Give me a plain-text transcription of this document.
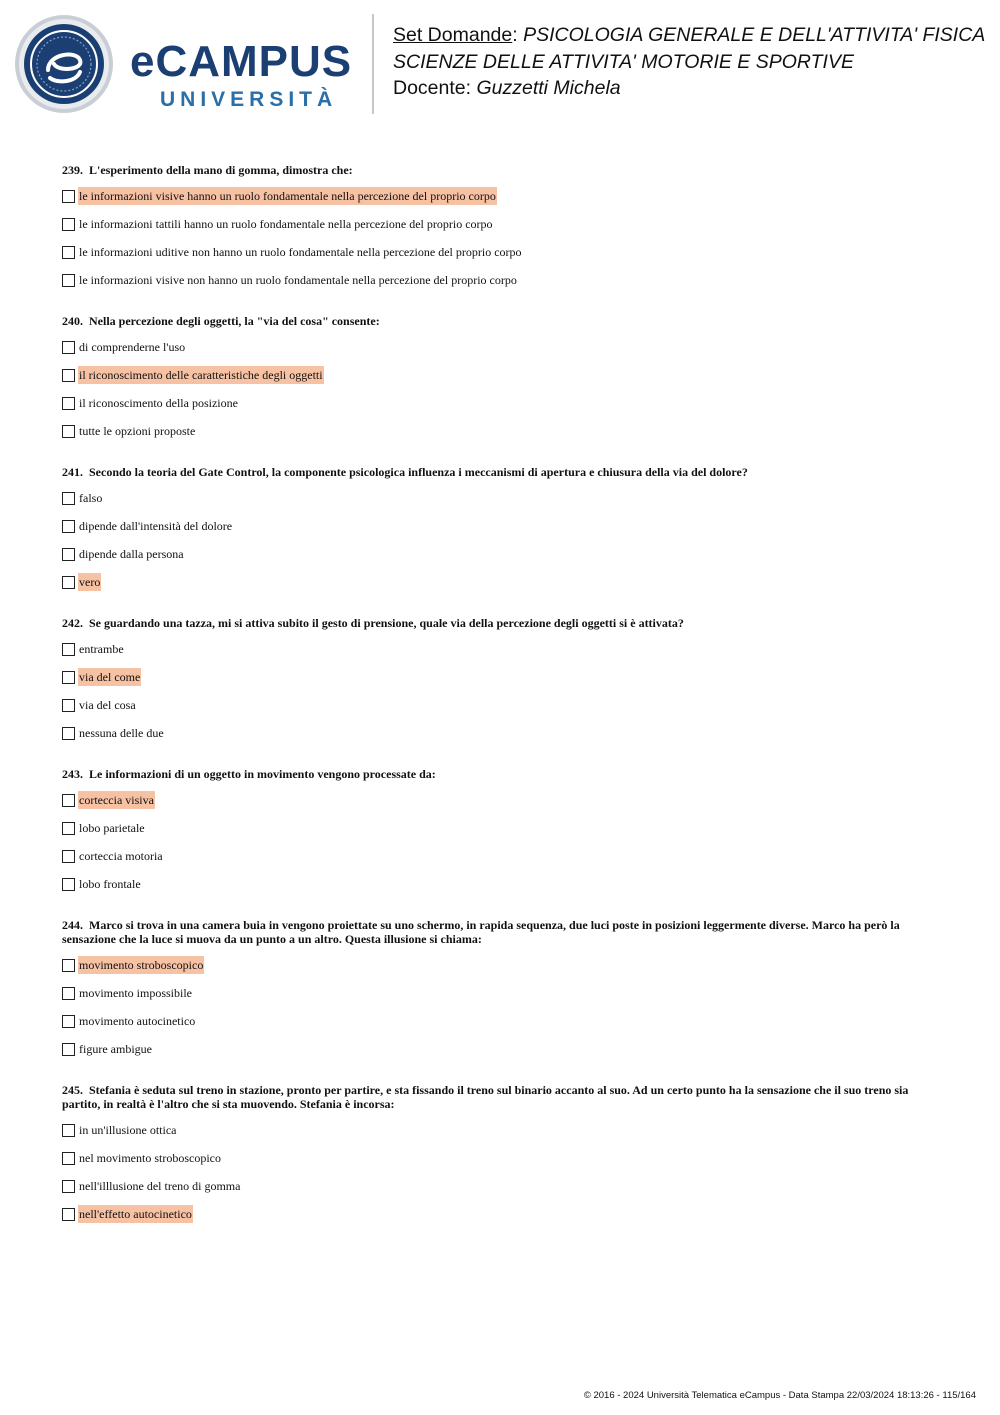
eCAMPUS
UNIVERSITÀ
Set Domande: PSICOLOGIA GENERALE E DELL'ATTIVITA' FISICA
SCIENZE DELLE ATTIVITA' MOTORIE E SPORTIVE
Docente: Guzzetti Michela
239. L'esperimento della mano di gomma, dimostra che:
le informazioni visive hanno un ruolo fondamentale nella percezione del proprio corpo
le informazioni tattili hanno un ruolo fondamentale nella percezione del proprio corpo
le informazioni uditive non hanno un ruolo fondamentale nella percezione del proprio corpo
le informazioni visive non hanno un ruolo fondamentale nella percezione del proprio corpo
240. Nella percezione degli oggetti, la "via del cosa" consente:
di comprenderne l'uso
il riconoscimento delle caratteristiche degli oggetti
il riconoscimento della posizione
tutte le opzioni proposte
241. Secondo la teoria del Gate Control, la componente psicologica influenza i meccanismi di apertura e chiusura della via del dolore?
falso
dipende dall'intensità del dolore
dipende dalla persona
vero
242. Se guardando una tazza, mi si attiva subito il gesto di prensione, quale via della percezione degli oggetti si è attivata?
entrambe
via del come
via del cosa
nessuna delle due
243. Le informazioni di un oggetto in movimento vengono processate da:
corteccia visiva
lobo parietale
corteccia motoria
lobo frontale
244. Marco si trova in una camera buia in vengono proiettate su uno schermo, in rapida sequenza, due luci poste in posizioni leggermente diverse. Marco ha però la sensazione che la luce si muova da un punto a un altro. Questa illusione si chiama:
movimento stroboscopico
movimento impossibile
movimento autocinetico
figure ambigue
245. Stefania è seduta sul treno in stazione, pronto per partire, e sta fissando il treno sul binario accanto al suo. Ad un certo punto ha la sensazione che il suo treno sia partito, in realtà è l'altro che si sta muovendo. Stefania è incorsa:
in un'illusione ottica
nel movimento stroboscopico
nell'illlusione del treno di gomma
nell'effetto autocinetico
© 2016 - 2024 Università Telematica eCampus - Data Stampa 22/03/2024 18:13:26 - 115/164
